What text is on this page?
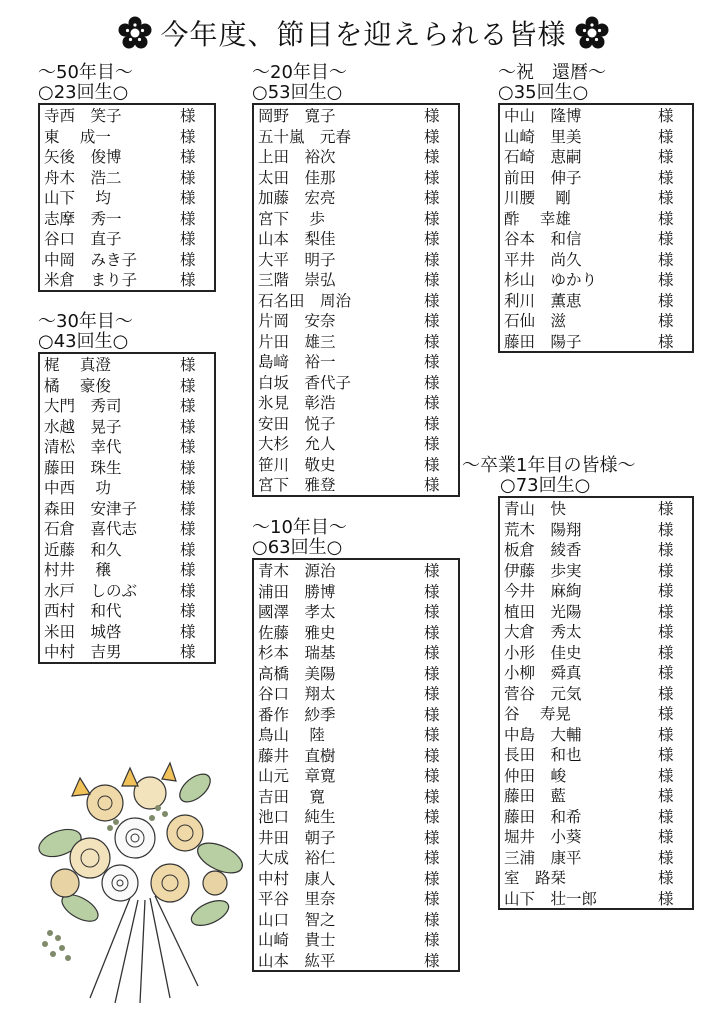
今年度、節目を迎えられる皆様
～50年目～
○23回生○
寺西　笑子	様
東　 成一	様
矢後　俊博	様
舟木　浩二	様
山下　 均	様
志摩　秀一	様
谷口　直子	様
中岡　みき子	様
米倉　まり子	様
～30年目～
○43回生○
梶　 真澄	様
橘　 豪俊	様
大門　秀司	様
水越　晃子	様
清松　幸代	様
藤田　珠生	様
中西　 功	様
森田　安津子	様
石倉　喜代志	様
近藤　和久	様
村井　 穣	様
水戸　しのぶ	様
西村　和代	様
米田　城啓	様
中村　吉男	様
～20年目～
○53回生○
岡野　寛子	様
五十嵐　元春	様
上田　裕次	様
太田　佳那	様
加藤　宏亮	様
宮下　 歩	様
山本　梨佳	様
大平　明子	様
三階　崇弘	様
石名田　周治	様
片岡　安奈	様
片田　雄三	様
島﨑　裕一	様
白坂　香代子	様
氷見　彰浩	様
安田　悦子	様
大杉　允人	様
笹川　敬史	様
宮下　雅登	様
～10年目～
○63回生○
青木　源治	様
浦田　勝博	様
國澤　孝太	様
佐藤　雅史	様
杉本　瑞基	様
高橋　美陽	様
谷口　翔太	様
番作　紗季	様
鳥山　 陸	様
藤井　直樹	様
山元　章寛	様
吉田　 寛	様
池口　純生	様
井田　朝子	様
大成　裕仁	様
中村　康人	様
平谷　里奈	様
山口　智之	様
山崎　貴士	様
山本　紘平	様
～祝　還暦～
○35回生○
中山　隆博	様
山崎　里美	様
石崎　恵嗣	様
前田　伸子	様
川腰　 剛	様
酢　 幸雄	様
谷本　和信	様
平井　尚久	様
杉山　ゆかり	様
利川　薫恵	様
石仙　滋	様
藤田　陽子	様
～卒業1年目の皆様～
○73回生○
青山　快	様
荒木　陽翔	様
板倉　綾香	様
伊藤　歩実	様
今井　麻絢	様
植田　光陽	様
大倉　秀太	様
小形　佳史	様
小柳　舜真	様
菅谷　元気	様
谷　 寿晃	様
中島　大輔	様
長田　和也	様
仲田　峻	様
藤田　藍	様
藤田　和希	様
堀井　小葵	様
三浦　康平	様
室　路栞	様
山下　壮一郎	様
